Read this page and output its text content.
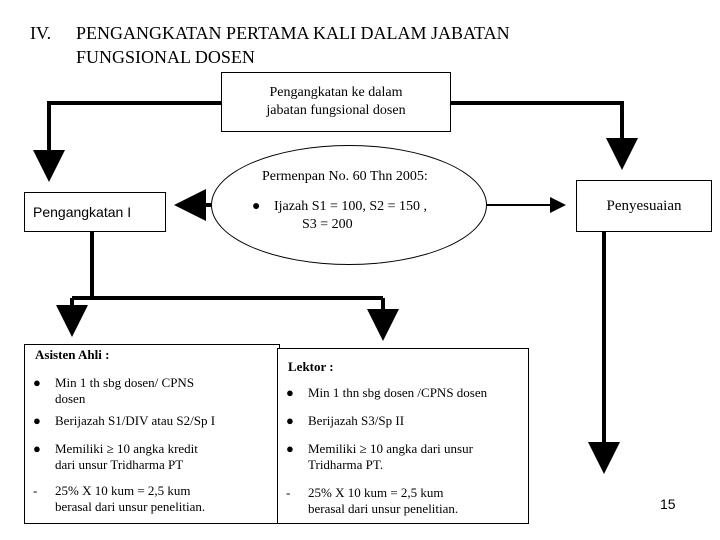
IV. PENGANGKATAN PERTAMA KALI DALAM JABATAN
FUNGSIONAL DOSEN
Pengangkatan ke dalam
jabatan fungsional dosen
Permenpan No. 60 Thn 2005:
● Ijazah S1 = 100, S2 = 150 ,
S3 = 200
Pengangkatan I	Penyesuaian
Asisten Ahli :
● Min 1 th sbg dosen/ CPNS
dosen
● Berijazah S1/DIV atau S2/Sp I
● Memiliki ≥ 10 angka kredit
dari unsur Tridharma PT
- 25% X 10 kum = 2,5 kum
berasal dari unsur penelitian.
Lektor :
● Min 1 thn sbg dosen /CPNS dosen
● Berijazah S3/Sp II
● Memiliki ≥ 10 angka dari unsur
Tridharma PT.
- 25% X 10 kum = 2,5 kum
berasal dari unsur penelitian.	15
